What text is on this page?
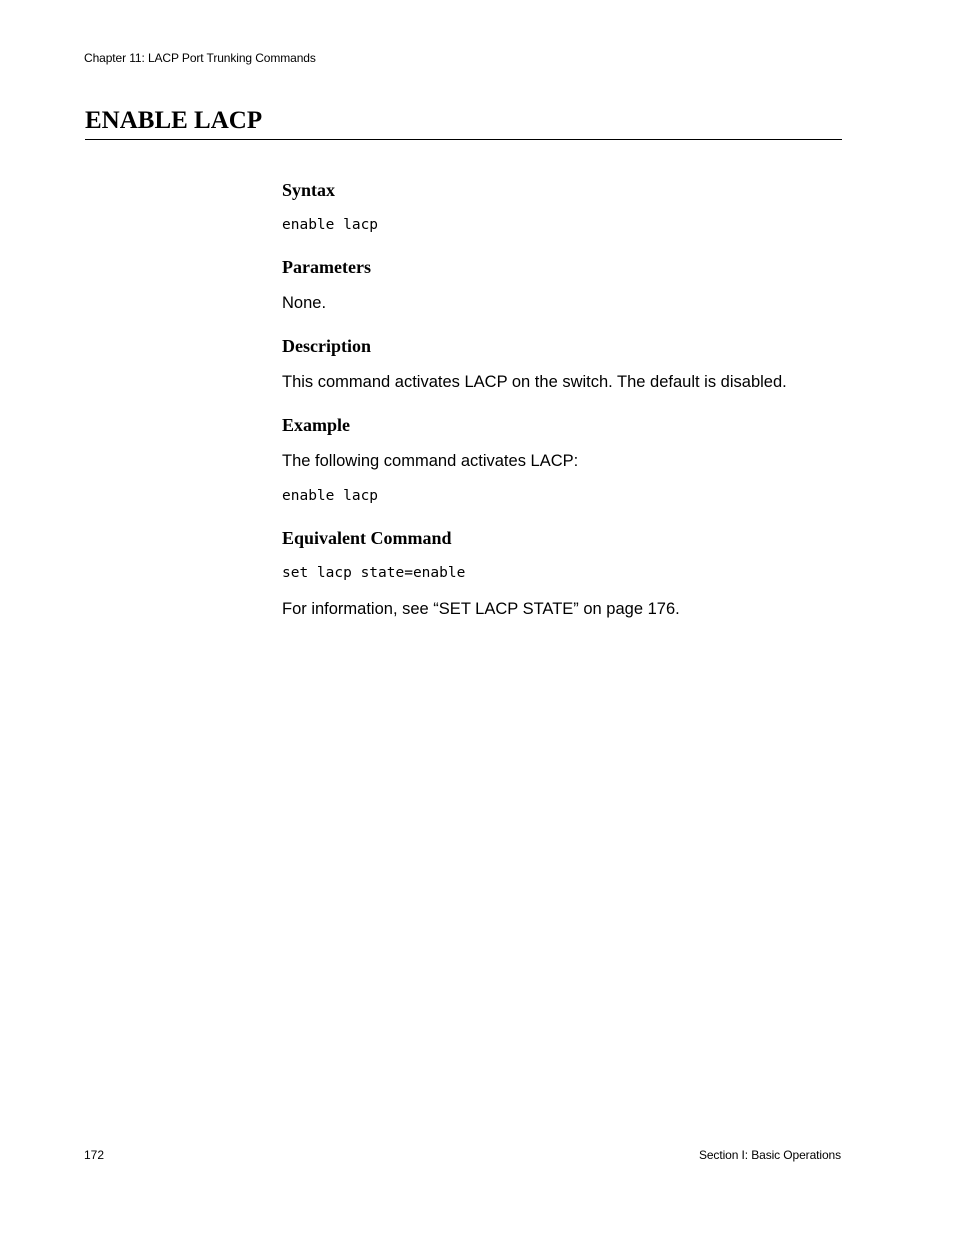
Chapter 11: LACP Port Trunking Commands
ENABLE LACP
Syntax

enable lacp

Parameters

None.

Description

This command activates LACP on the switch. The default is disabled.

Example

The following command activates LACP:

enable lacp

Equivalent Command

set lacp state=enable

For information, see “SET LACP STATE” on page 176.

172	Section I: Basic Operations
